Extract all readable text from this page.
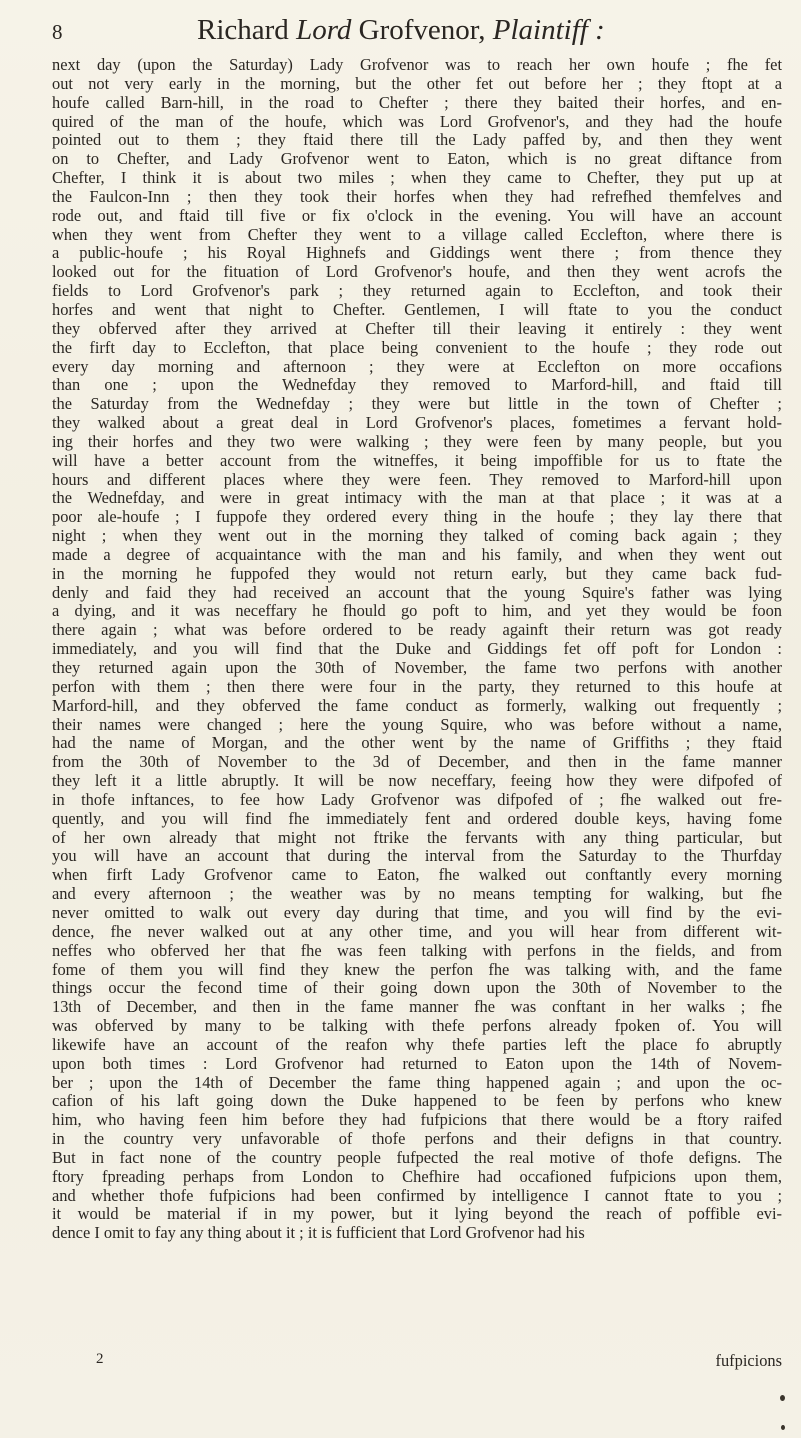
8	Richard Lord Grofvenor, Plaintiff :
next day (upon the Saturday) Lady Grofvenor was to reach her own houfe ; fhe fet
out not very early in the morning, but the other fet out before her ; they ftopt at a
houfe called Barn-hill, in the road to Chefter ; there they baited their horfes, and en-
quired of the man of the houfe, which was Lord Grofvenor's, and they had the houfe
pointed out to them ; they ftaid there till the Lady paffed by, and then they went
on to Chefter, and Lady Grofvenor went to Eaton, which is no great diftance from
Chefter, I think it is about two miles ; when they came to Chefter, they put up at
the Faulcon-Inn ; then they took their horfes when they had refrefhed themfelves and
rode out, and ftaid till five or fix o'clock in the evening. You will have an account
when they went from Chefter they went to a village called Ecclefton, where there is
a public-houfe ; his Royal Highnefs and Giddings went there ; from thence they
looked out for the fituation of Lord Grofvenor's houfe, and then they went acrofs the
fields to Lord Grofvenor's park ; they returned again to Ecclefton, and took their
horfes and went that night to Chefter. Gentlemen, I will ftate to you the conduct
they obferved after they arrived at Chefter till their leaving it entirely : they went
the firft day to Ecclefton, that place being convenient to the houfe ; they rode out
every day morning and afternoon ; they were at Ecclefton on more occafions
than one ; upon the Wednefday they removed to Marford-hill, and ftaid till
the Saturday from the Wednefday ; they were but little in the town of Chefter ;
they walked about a great deal in Lord Grofvenor's places, fometimes a fervant hold-
ing their horfes and they two were walking ; they were feen by many people, but you
will have a better account from the witneffes, it being impoffible for us to ftate the
hours and different places where they were feen. They removed to Marford-hill upon
the Wednefday, and were in great intimacy with the man at that place ; it was at a
poor ale-houfe ; I fuppofe they ordered every thing in the houfe ; they lay there that
night ; when they went out in the morning they talked of coming back again ; they
made a degree of acquaintance with the man and his family, and when they went out
in the morning he fuppofed they would not return early, but they came back fud-
denly and faid they had received an account that the young Squire's father was lying
a dying, and it was neceffary he fhould go poft to him, and yet they would be foon
there again ; what was before ordered to be ready againft their return was got ready
immediately, and you will find that the Duke and Giddings fet off poft for London :
they returned again upon the 30th of November, the fame two perfons with another
perfon with them ; then there were four in the party, they returned to this houfe at
Marford-hill, and they obferved the fame conduct as formerly, walking out frequently ;
their names were changed ; here the young Squire, who was before without a name,
had the name of Morgan, and the other went by the name of Griffiths ; they ftaid
from the 30th of November to the 3d of December, and then in the fame manner
they left it a little abruptly. It will be now neceffary, feeing how they were difpofed of
in thofe inftances, to fee how Lady Grofvenor was difpofed of ; fhe walked out fre-
quently, and you will find fhe immediately fent and ordered double keys, having fome
of her own already that might not ftrike the fervants with any thing particular, but
you will have an account that during the interval from the Saturday to the Thurfday
when firft Lady Grofvenor came to Eaton, fhe walked out conftantly every morning
and every afternoon ; the weather was by no means tempting for walking, but fhe
never omitted to walk out every day during that time, and you will find by the evi-
dence, fhe never walked out at any other time, and you will hear from different wit-
neffes who obferved her that fhe was feen talking with perfons in the fields, and from
fome of them you will find they knew the perfon fhe was talking with, and the fame
things occur the fecond time of their going down upon the 30th of November to the
13th of December, and then in the fame manner fhe was conftant in her walks ; fhe
was obferved by many to be talking with thefe perfons already fpoken of. You will
likewife have an account of the reafon why thefe parties left the place fo abruptly
upon both times : Lord Grofvenor had returned to Eaton upon the 14th of Novem-
ber ; upon the 14th of December the fame thing happened again ; and upon the oc-
cafion of his laft going down the Duke happened to be feen by perfons who knew
him, who having feen him before they had fufpicions that there would be a ftory raifed
in the country very unfavorable of thofe perfons and their defigns in that country.
But in fact none of the country people fufpected the real motive of thofe defigns. The
ftory fpreading perhaps from London to Chefhire had occafioned fufpicions upon them,
and whether thofe fufpicions had been confirmed by intelligence I cannot ftate to you ;
it would be material if in my power, but it lying beyond the reach of poffible evi-
dence I omit to fay any thing about it ; it is fufficient that Lord Grofvenor had his
2	fufpicions
